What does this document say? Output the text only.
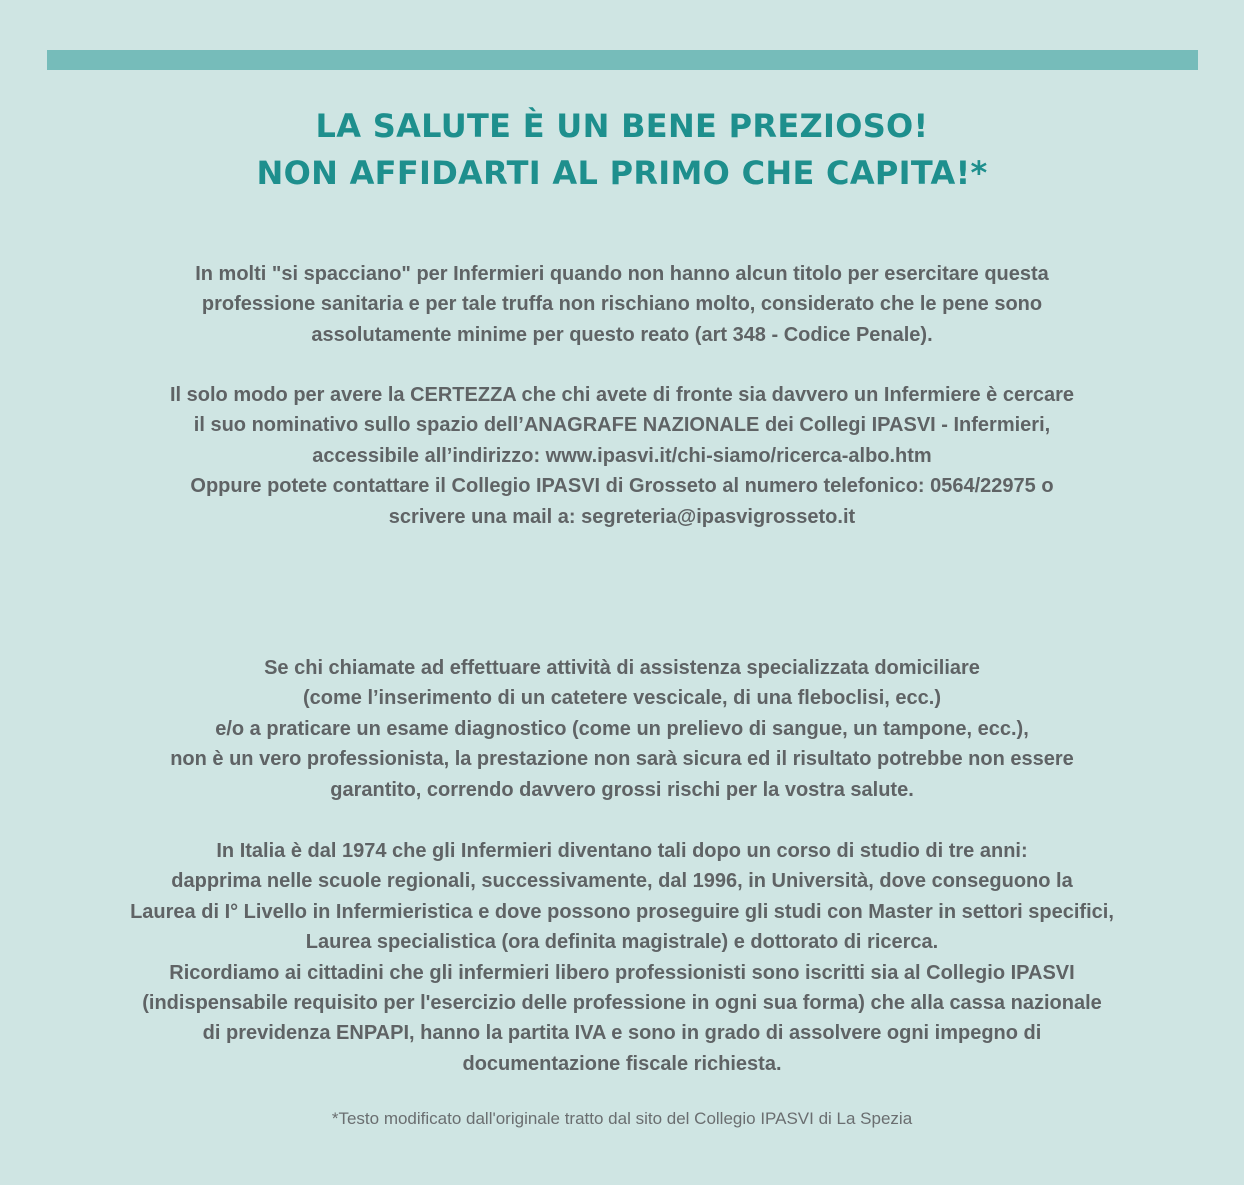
LA SALUTE È UN BENE PREZIOSO!
NON AFFIDARTI AL PRIMO CHE CAPITA!*
In molti "si spacciano" per Infermieri quando non hanno alcun titolo per esercitare questa
professione sanitaria e per tale truffa non rischiano molto, considerato che le pene sono
assolutamente minime per questo reato (art 348 - Codice Penale).
Il solo modo per avere la CERTEZZA che chi avete di fronte sia davvero un Infermiere è cercare
il suo nominativo sullo spazio dell’ANAGRAFE NAZIONALE dei Collegi IPASVI - Infermieri,
accessibile all’indirizzo: www.ipasvi.it/chi-siamo/ricerca-albo.htm
Oppure potete contattare il Collegio IPASVI di Grosseto al numero telefonico: 0564/22975 o
scrivere una mail a: segreteria@ipasvigrosseto.it
Se chi chiamate ad effettuare attività di assistenza specializzata domiciliare
(come l’inserimento di un catetere vescicale, di una fleboclisi, ecc.)
e/o a praticare un esame diagnostico (come un prelievo di sangue, un tampone, ecc.),
non è un vero professionista, la prestazione non sarà sicura ed il risultato potrebbe non essere
garantito, correndo davvero grossi rischi per la vostra salute.
In Italia è dal 1974 che gli Infermieri diventano tali dopo un corso di studio di tre anni:
dapprima nelle scuole regionali, successivamente, dal 1996, in Università, dove conseguono la
Laurea di I° Livello in Infermieristica e dove possono proseguire gli studi con Master in settori specifici,
Laurea specialistica (ora definita magistrale) e dottorato di ricerca.
Ricordiamo ai cittadini che gli infermieri libero professionisti sono iscritti sia al Collegio IPASVI
(indispensabile requisito per l'esercizio delle professione in ogni sua forma) che alla cassa nazionale
di previdenza ENPAPI, hanno la partita IVA e sono in grado di assolvere ogni impegno di
documentazione fiscale richiesta.
*Testo modificato dall'originale tratto dal sito del Collegio IPASVI di La Spezia
